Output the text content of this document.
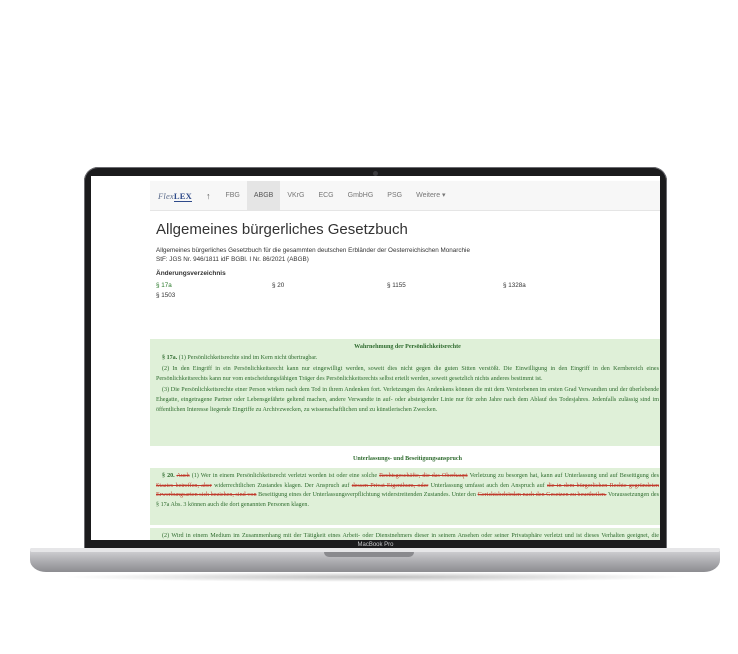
FlexLEX ↑	FBG	ABGB	VKrG	ECG	GmbHG	PSG	Weitere ▾
Allgemeines bürgerliches Gesetzbuch
Allgemeines bürgerliches Gesetzbuch für die gesammten deutschen Erbländer der Oesterreichischen Monarchie
StF: JGS Nr. 946/1811 idF BGBl. I Nr. 86/2021 (ABGB)
Änderungsverzeichnis
§ 17a	§ 20	§ 1155	§ 1328a
§ 1503
Wahrnehmung der Persönlichkeitsrechte

§ 17a. (1) Persönlichkeitsrechte sind im Kern nicht übertragbar.

(2) In den Eingriff in ein Persönlichkeitsrecht kann nur eingewilligt werden, soweit dies nicht gegen die guten Sitten verstößt. Die Einwilligung in den Eingriff in den Kernbereich eines Persönlichkeitsrechts kann nur vom entscheidungsfähigen Träger des Persönlichkeitsrechts selbst erteilt werden, soweit gesetzlich nichts anderes bestimmt ist.

(3) Die Persönlichkeitsrechte einer Person wirken nach dem Tod in ihrem Andenken fort. Verletzungen des Andenkens können die mit dem Verstorbenen im ersten Grad Verwandten und der überlebende Ehegatte, eingetragene Partner oder Lebensgefährte geltend machen, andere Verwandte in auf- oder absteigender Linie nur für zehn Jahre nach dem Ablauf des Todesjahres. Jedenfalls zulässig sind im öffentlichen Interesse liegende Eingriffe zu Archivzwecken, zu wissenschaftlichen und zu künstlerischen Zwecken.

Unterlassungs- und Beseitigungsanspruch

§ 20. Auch (1) Wer in einem Persönlichkeitsrecht verletzt worden ist oder eine solche Rechtsgeschäfte, die das Oberhaupt Verletzung zu besorgen hat, kann auf Unterlassung und auf Beseitigung des Staates betreffen, aber widerrechtlichen Zustandes klagen. Der Anspruch auf dessen Privat-Eigenthum, oder Unterlassung umfasst auch den Anspruch auf die in dem bürgerlichen Rechte gegründeten Erwerbungsarten sich beziehen, sind von Beseitigung eines der Unterlassungsverpflichtung widerstreitenden Zustandes. Unter den Gerichtsbehörden nach den Gesetzen zu beurtheilen. Voraussetzungen des § 17a Abs. 3 können auch die dort genannten Personen klagen.

(2) Wird in einem Medium im Zusammenhang mit der Tätigkeit eines Arbeit- oder Dienstnehmers dieser in seinem Ansehen oder seiner Privatsphäre verletzt und ist dieses Verhalten geeignet, die

MacBook Pro
